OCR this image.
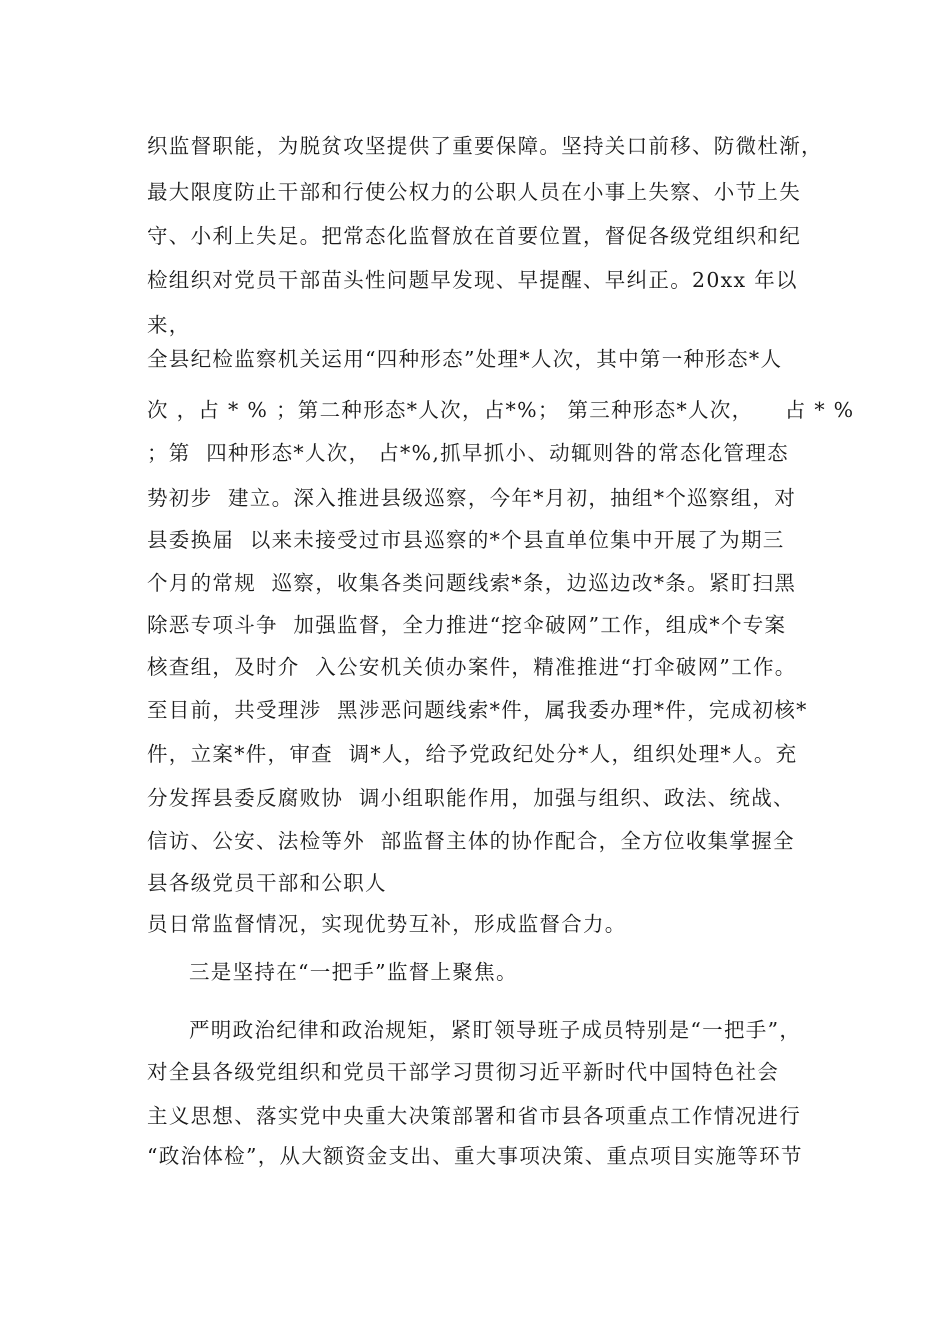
织监督职能，为脱贫攻坚提供了重要保障。坚持关口前移、防微杜渐，
最大限度防止干部和行使公权力的公职人员在小事上失察、小节上失
守、小利上失足。把常态化监督放在首要位置，督促各级党组织和纪
检组织对党员干部苗头性问题早发现、早提醒、早纠正。20xx 年以
来，
全县纪检监察机关运用“四种形态”处理*人次，其中第一种形态*人
次 ，占 * % ；第二种形态*人次，占*%； 第三种形态*人次，    占 * %
；第  四种形态*人次， 占*%,抓早抓小、动辄则咎的常态化管理态
势初步  建立。深入推进县级巡察，今年*月初，抽组*个巡察组，对
县委换届  以来未接受过市县巡察的*个县直单位集中开展了为期三
个月的常规  巡察，收集各类问题线索*条，边巡边改*条。紧盯扫黑
除恶专项斗争  加强监督，全力推进“挖伞破网”工作，组成*个专案
核查组，及时介  入公安机关侦办案件，精准推进“打伞破网”工作。
至目前，共受理涉  黑涉恶问题线索*件，属我委办理*件，完成初核*
件，立案*件，审查  调*人，给予党政纪处分*人，组织处理*人。充
分发挥县委反腐败协  调小组职能作用，加强与组织、政法、统战、
信访、公安、法检等外  部监督主体的协作配合，全方位收集掌握全
县各级党员干部和公职人
员日常监督情况，实现优势互补，形成监督合力。
三是坚持在“一把手”监督上聚焦。
严明政治纪律和政治规矩，紧盯领导班子成员特别是“一把手”，
对全县各级党组织和党员干部学习贯彻习近平新时代中国特色社会
主义思想、落实党中央重大决策部署和省市县各项重点工作情况进行
“政治体检”，从大额资金支出、重大事项决策、重点项目实施等环节
